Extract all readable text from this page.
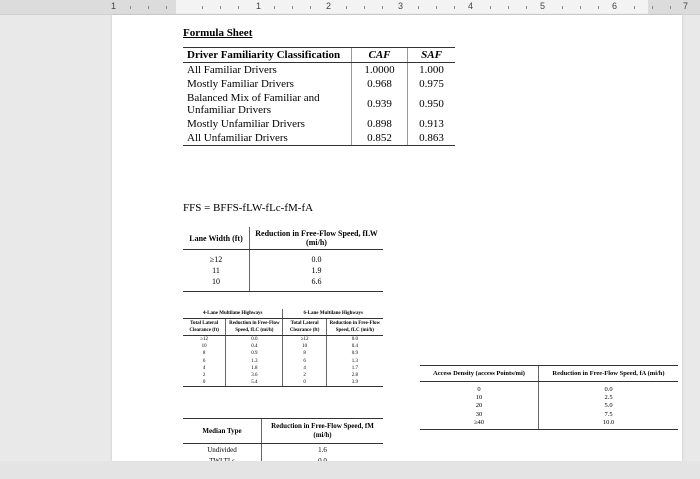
1	1	2	3	4	5	6	7
Formula Sheet
Driver Familiarity Classification	CAF	SAF
All Familiar Drivers	1.0000	1.000
Mostly Familiar Drivers	0.968	0.975
Balanced Mix of Familiar and Unfamiliar Drivers	0.939	0.950
Mostly Unfamiliar Drivers	0.898	0.913
All Unfamiliar Drivers	0.852	0.863
FFS = BFFS-fLW-fLc-fM-fA
Lane Width (ft)	Reduction in Free-Flow Speed, fLW (mi/h)
≥12	0.0
11	1.9
10	6.6
4-Lane Multilane Highways		6-Lane Multilane Highways	
Total Lateral Clearance (ft)	Reduction in Free-Flow Speed, fLC (mi/h)	Total Lateral Clearance (ft)	Reduction in Free-Flow Speed, fLC (mi/h)
≥12	0.0	≥12	0.0
10	0.4	10	0.4
8	0.9	8	0.9
6	1.3	6	1.3
4	1.8	4	1.7
2	3.6	2	2.8
0	5.4	0	3.9
Median Type	Reduction in Free-Flow Speed, fM (mi/h)
Undivided	1.6

Access Density (access Points/mi)	Reduction in Free-Flow Speed, fA (mi/h)
0	0.0
10	2.5
20	5.0
30	7.5
≥40	10.0
